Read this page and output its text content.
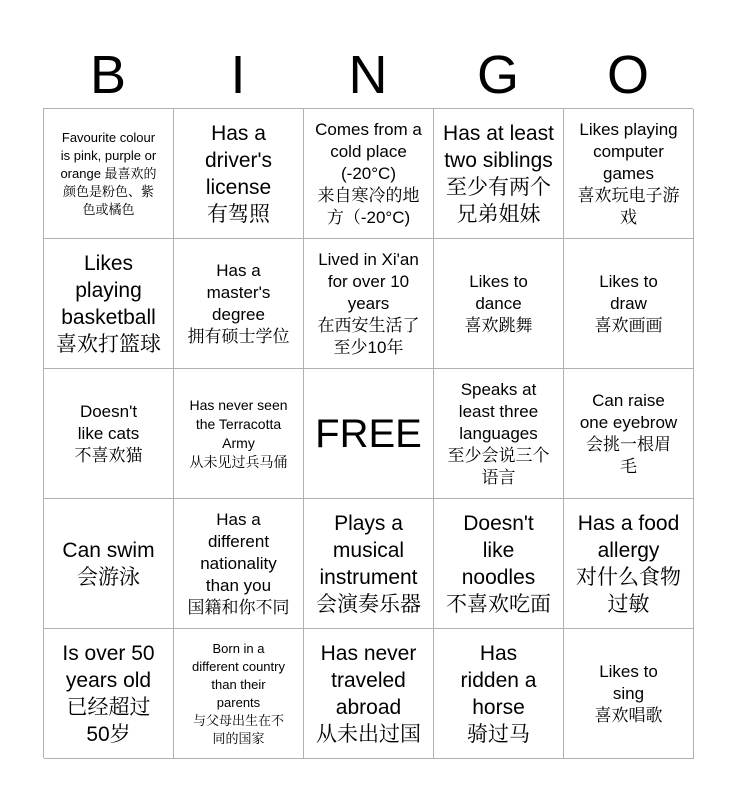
B	I	N	G	O
Favourite colour
is pink, purple or
orange 最喜欢的
颜色是粉色、紫
色或橘色
Has a
driver's
license
有驾照
Comes from a
cold place
(-20°C)
来自寒冷的地
方（-20°C)
Has at least
two siblings
至少有两个
兄弟姐妹
Likes playing
computer
games
喜欢玩电子游
戏
Likes
playing
basketball
喜欢打篮球
Has a
master's
degree
拥有硕士学位
Lived in Xi'an
for over 10
years
在西安生活了
至少10年
Likes to
dance
喜欢跳舞
Likes to
draw
喜欢画画
Doesn't
like cats
不喜欢猫
Has never seen
the Terracotta
Army
从未见过兵马俑
FREE
Speaks at
least three
languages
至少会说三个
语言
Can raise
one eyebrow
会挑一根眉
毛
Can swim
会游泳
Has a
different
nationality
than you
国籍和你不同
Plays a
musical
instrument
会演奏乐器
Doesn't
like
noodles
不喜欢吃面
Has a food
allergy
对什么食物
过敏
Is over 50
years old
已经超过
50岁
Born in a
different country
than their
parents
与父母出生在不
同的国家
Has never
traveled
abroad
从未出过国
Has
ridden a
horse
骑过马
Likes to
sing
喜欢唱歌
